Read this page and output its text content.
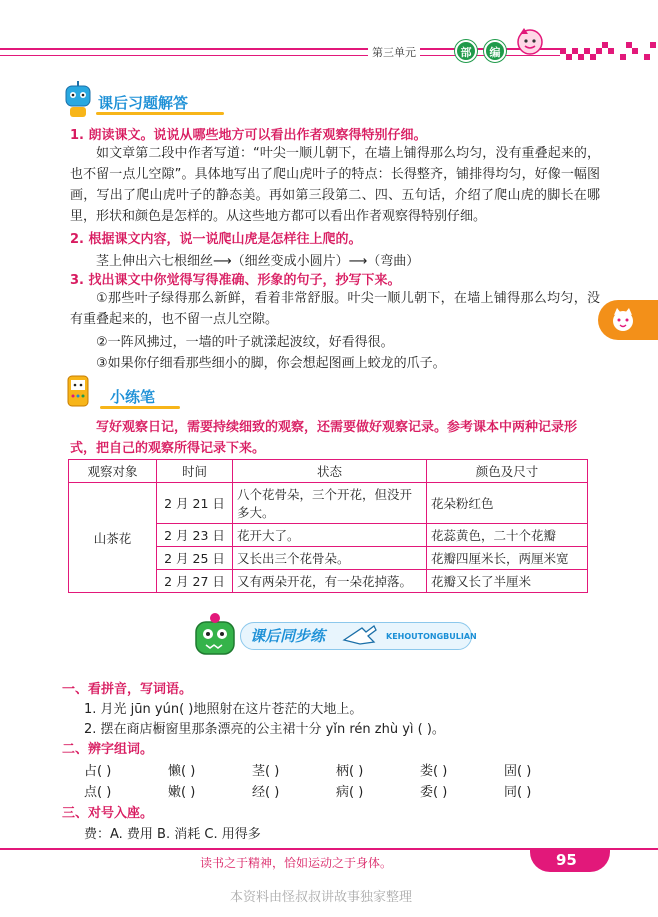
第三单元	部	编
课后习题解答
1. 朗读课文。说说从哪些地方可以看出作者观察得特别仔细。
如文章第二段中作者写道：“叶尖一顺儿朝下，在墙上铺得那么均匀，没有重叠起来的，也不留一点儿空隙”。具体地写出了爬山虎叶子的特点：长得整齐，铺排得均匀，好像一幅图画，写出了爬山虎叶子的静态美。再如第三段第二、四、五句话，介绍了爬山虎的脚长在哪里，形状和颜色是怎样的。从这些地方都可以看出作者观察得特别仔细。
2. 根据课文内容，说一说爬山虎是怎样往上爬的。
茎上伸出六七根细丝⟶（细丝变成小圆片）⟶（弯曲）
3. 找出课文中你觉得写得准确、形象的句子，抄写下来。
①那些叶子绿得那么新鲜，看着非常舒服。叶尖一顺儿朝下，在墙上铺得那么均匀，没有重叠起来的，也不留一点儿空隙。
②一阵风拂过，一墙的叶子就漾起波纹，好看得很。
③如果你仔细看那些细小的脚，你会想起图画上蛟龙的爪子。
小练笔
写好观察日记，需要持续细致的观察，还需要做好观察记录。参考课本中两种记录形式，把自己的观察所得记录下来。
观察对象	时间	状态	颜色及尺寸
山茶花	2 月 21 日	八个花骨朵，三个开花，但没开多大。	花朵粉红色
	2 月 23 日	花开大了。	花蕊黄色，二十个花瓣
	2 月 25 日	又长出三个花骨朵。	花瓣四厘米长，两厘米宽
	2 月 27 日	又有两朵开花，有一朵花掉落。	花瓣又长了半厘米
课后同步练	KEHOUTONGBULIAN
一、看拼音，写词语。
1. 月光 jūn yún( )地照射在这片苍茫的大地上。
2. 摆在商店橱窗里那条漂亮的公主裙十分 yǐn rén zhù yì ( )。
二、辨字组词。
占( )	懒( )	茎( )	柄( )	娄( )	固( )
点( )	嫩( )	经( )	病( )	委( )	同( )
三、对号入座。
费：A. 费用 B. 消耗 C. 用得多
读书之于精神，恰如运动之于身体。	95
本资料由怪叔叔讲故事独家整理
